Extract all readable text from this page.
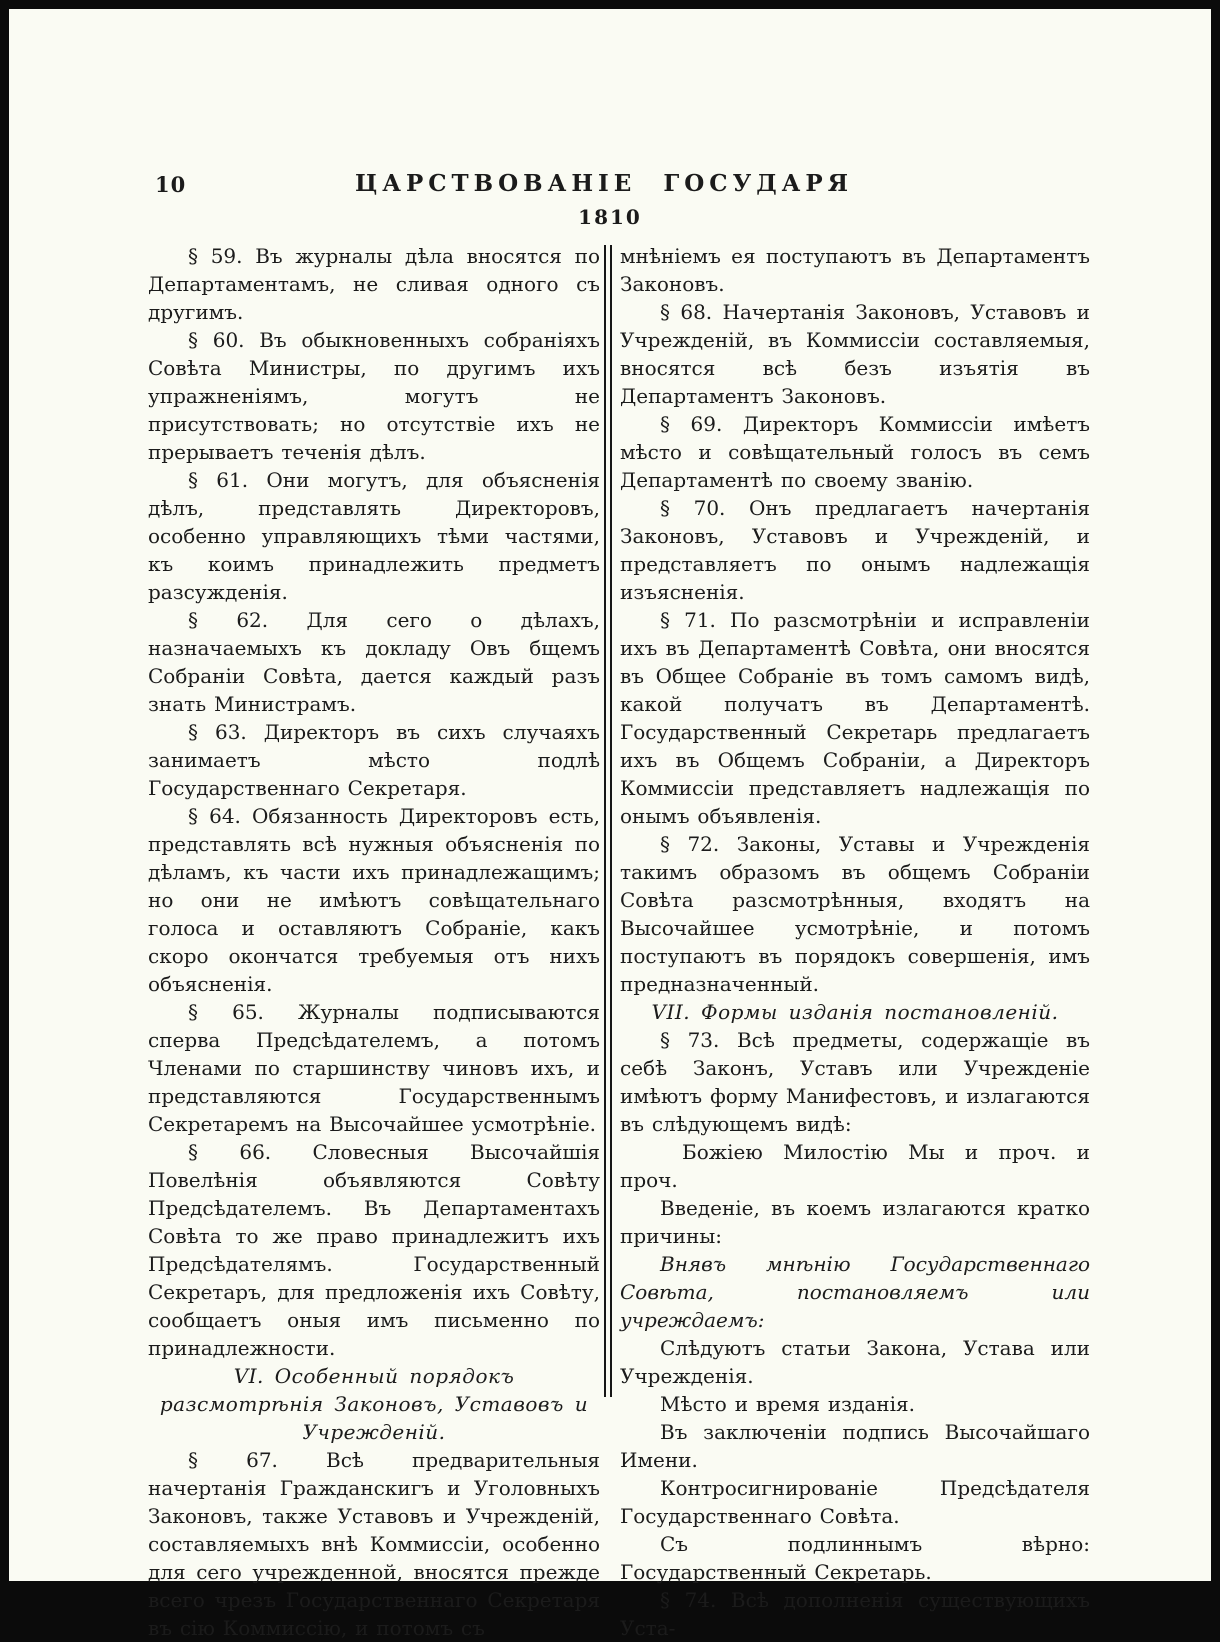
10	ЦАРСТВОВАНІЕ ГОСУДАРЯ
1810

§ 59. Въ журналы дѣла вносятся по Департаментамъ, не сливая одного съ другимъ.

§ 60. Въ обыкновенныхъ собраніяхъ Совѣта Министры, по другимъ ихъ упражненіямъ, могутъ не присутствовать; но отсутствіе ихъ не прерываетъ теченія дѣлъ.

§ 61. Они могутъ, для объясненія дѣлъ, представлять Директоровъ, особенно управляющихъ тѣми частями, къ коимъ принадлежить предметъ разсужденія.

§ 62. Для сего о дѣлахъ, назначаемыхъ къ докладу Овъ бщемъ Собраніи Совѣта, дается каждый разъ знать Министрамъ.

§ 63. Директоръ въ сихъ случаяхъ занимаетъ мѣсто подлѣ Государственнаго Секретаря.

§ 64. Обязанность Директоровъ есть, представлять всѣ нужныя объясненія по дѣламъ, къ части ихъ принадлежащимъ; но они не имѣютъ совѣщательнаго голоса и оставляютъ Собраніе, какъ скоро окончатся требуемыя отъ нихъ объясненія.

§ 65. Журналы подписываются сперва Предсѣдателемъ, а потомъ Членами по старшинству чиновъ ихъ, и представляются Государственнымъ Секретаремъ на Высочайшее усмотрѣніе.

§ 66. Словесныя Высочайшія Повелѣнія объявляются Совѣту Предсѣдателемъ. Въ Департаментахъ Совѣта то же право принадлежитъ ихъ Предсѣдателямъ. Государственный Секретаръ, для предложенія ихъ Совѣту, сообщаетъ оныя имъ письменно по принадлежности.

VI. Особенный порядокъ разсмотрѣнія Законовъ, Уставовъ и Учрежденій.

§ 67. Всѣ предварительныя начертанія Гражданскигъ и Уголовныхъ Законовъ, также Уставовъ и Учрежденій, составляемыхъ внѣ Коммиссіи, особенно для сего учрежденной, вносятся прежде всего чрезъ Государственнаго Секретаря въ сію Коммиссію, и потомъ съ

мнѣніемъ ея поступаютъ въ Департаментъ Законовъ.

§ 68. Начертанія Законовъ, Уставовъ и Учрежденій, въ Коммиссіи составляемыя, вносятся всѣ безъ изъятія въ Департаментъ Законовъ.

§ 69. Директоръ Коммиссіи имѣетъ мѣсто и совѣщательный голосъ въ семъ Департаментѣ по своему званію.

§ 70. Онъ предлагаетъ начертанія Законовъ, Уставовъ и Учрежденій, и представляетъ по онымъ надлежащія изъясненія.

§ 71. По разсмотрѣніи и исправленіи ихъ въ Департаментѣ Совѣта, они вносятся въ Общее Собраніе въ томъ самомъ видѣ, какой получатъ въ Департаментѣ. Государственный Секретарь предлагаетъ ихъ въ Общемъ Собраніи, а Директоръ Коммиссіи представляетъ надлежащія по онымъ объявленія.

§ 72. Законы, Уставы и Учрежденія такимъ образомъ въ общемъ Собраніи Совѣта разсмотрѣнныя, входятъ на Высочайшее усмотрѣніе, и потомъ поступаютъ въ порядокъ совершенія, имъ предназначенный.

VII. Формы изданія постановленій.

§ 73. Всѣ предметы, содержащіе въ себѣ Законъ, Уставъ или Учрежденіе имѣютъ форму Манифестовъ, и излагаются въ слѣдующемъ видѣ:

Божіею Милостію Мы и проч. и проч.

Введеніе, въ коемъ излагаются кратко причины:

Внявъ мнѣнію Государственнаго Совѣта, постановляемъ или учреждаемъ:

Слѣдуютъ статьи Закона, Устава или Учрежденія.

Мѣсто и время изданія.

Въ заключеніи подпись Высочайшаго Имени.

Контросигнированіе Предсѣдателя Государственнаго Совѣта.

Съ подлиннымъ вѣрно: Государственный Секретарь.

§ 74. Всѣ дополненія существующихъ Уста-
